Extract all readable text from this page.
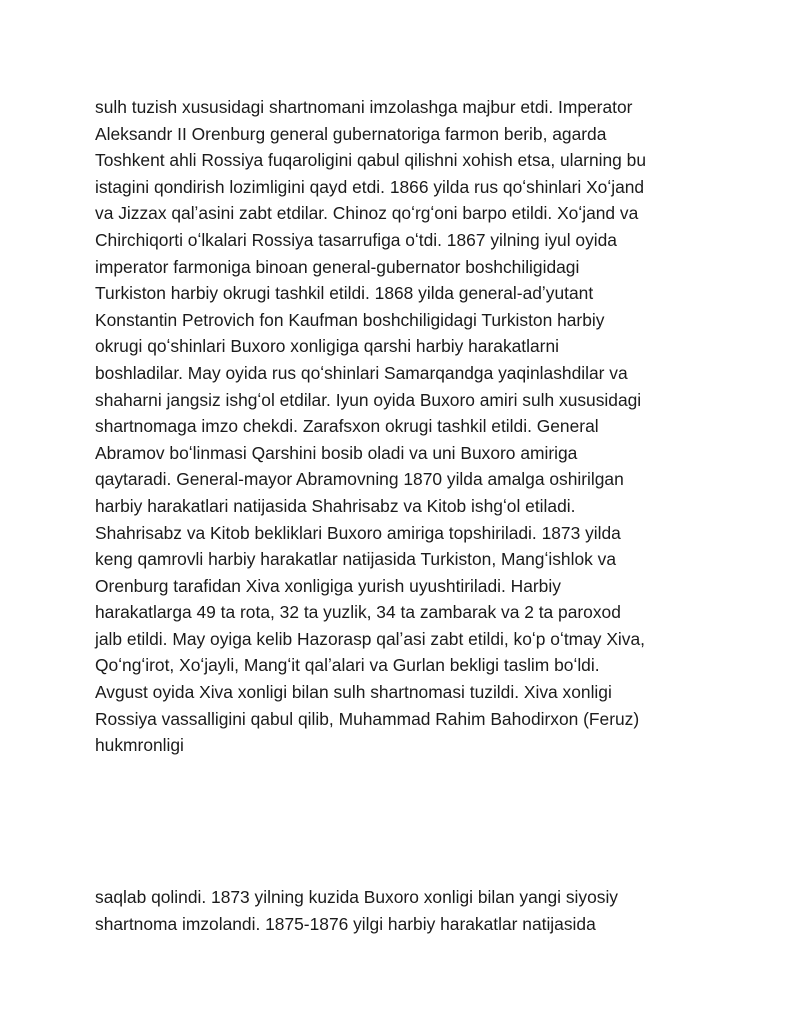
sulh tuzish xususidagi shartnomani imzolashga majbur etdi. Imperator
Aleksandr II Orenburg general gubernatoriga farmon berib, agarda
Toshkent ahli Rossiya fuqaroligini qabul qilishni xohish etsa, ularning bu
istagini qondirish lozimligini qayd etdi. 1866 yilda rus qoʻshinlari Xoʻjand
va Jizzax qalʼasini zabt etdilar. Chinoz qoʻrgʻoni barpo etildi. Xoʻjand va
Chirchiqorti oʻlkalari Rossiya tasarrufiga oʻtdi. 1867 yilning iyul oyida
imperator farmoniga binoan general-gubernator boshchiligidagi
Turkiston harbiy okrugi tashkil etildi. 1868 yilda general-adʼyutant
Konstantin Petrovich fon Kaufman boshchiligidagi Turkiston harbiy
okrugi qoʻshinlari Buxoro xonligiga qarshi harbiy harakatlarni
boshladilar. May oyida rus qoʻshinlari Samarqandga yaqinlashdilar va
shaharni jangsiz ishgʻol etdilar. Iyun oyida Buxoro amiri sulh xususidagi
shartnomaga imzo chekdi. Zarafsxon okrugi tashkil etildi. General
Abramov boʻlinmasi Qarshini bosib oladi va uni Buxoro amiriga
qaytaradi. General-mayor Abramovning 1870 yilda amalga oshirilgan
harbiy harakatlari natijasida Shahrisabz va Kitob ishgʻol etiladi.
Shahrisabz va Kitob bekliklari Buxoro amiriga topshiriladi. 1873 yilda
keng qamrovli harbiy harakatlar natijasida Turkiston, Mangʻishlok va
Orenburg tarafidan Xiva xonligiga yurish uyushtiriladi. Harbiy
harakatlarga 49 ta rota, 32 ta yuzlik, 34 ta zambarak va 2 ta paroxod
jalb etildi. May oyiga kelib Hazorasp qalʼasi zabt etildi, koʻp oʻtmay Xiva,
Qoʻngʻirot, Xoʻjayli, Mangʻit qalʼalari va Gurlan bekligi taslim boʻldi.
Avgust oyida Xiva xonligi bilan sulh shartnomasi tuzildi. Xiva xonligi
Rossiya vassalligini qabul qilib, Muhammad Rahim Bahodirxon (Feruz)
hukmronligi

saqlab qolindi. 1873 yilning kuzida Buxoro xonligi bilan yangi siyosiy
shartnoma imzolandi. 1875-1876 yilgi harbiy harakatlar natijasida
